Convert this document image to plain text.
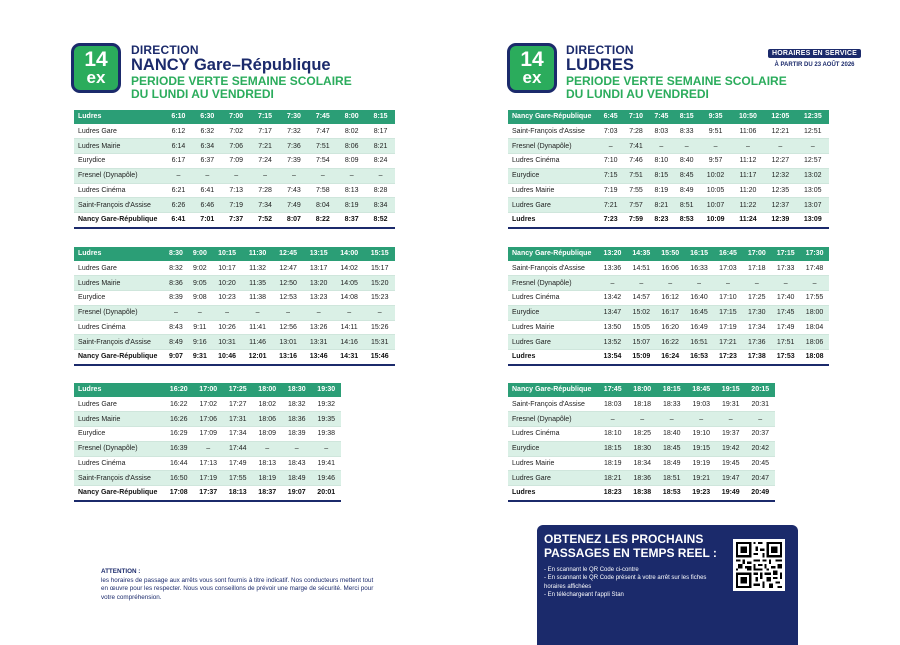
14
ex
DIRECTION
NANCY Gare–République
PERIODE VERTE SEMAINE SCOLAIRE
DU LUNDI AU VENDREDI
Ludres	6:10	6:30	7:00	7:15	7:30	7:45	8:00	8:15
Ludres Gare	6:12	6:32	7:02	7:17	7:32	7:47	8:02	8:17
Ludres Mairie	6:14	6:34	7:06	7:21	7:36	7:51	8:06	8:21
Eurydice	6:17	6:37	7:09	7:24	7:39	7:54	8:09	8:24
Fresnel (Dynapôle)	–	–	–	–	–	–	–	–
Ludres Cinéma	6:21	6:41	7:13	7:28	7:43	7:58	8:13	8:28
Saint-François d'Assise	6:26	6:46	7:19	7:34	7:49	8:04	8:19	8:34
Nancy Gare-République	6:41	7:01	7:37	7:52	8:07	8:22	8:37	8:52
Ludres	8:30	9:00	10:15	11:30	12:45	13:15	14:00	15:15
Ludres Gare	8:32	9:02	10:17	11:32	12:47	13:17	14:02	15:17
Ludres Mairie	8:36	9:05	10:20	11:35	12:50	13:20	14:05	15:20
Eurydice	8:39	9:08	10:23	11:38	12:53	13:23	14:08	15:23
Fresnel (Dynapôle)	–	–	–	–	–	–	–	–
Ludres Cinéma	8:43	9:11	10:26	11:41	12:56	13:26	14:11	15:26
Saint-François d'Assise	8:49	9:16	10:31	11:46	13:01	13:31	14:16	15:31
Nancy Gare-République	9:07	9:31	10:46	12:01	13:16	13:46	14:31	15:46
Ludres	16:20	17:00	17:25	18:00	18:30	19:30
Ludres Gare	16:22	17:02	17:27	18:02	18:32	19:32
Ludres Mairie	16:26	17:06	17:31	18:06	18:36	19:35
Eurydice	16:29	17:09	17:34	18:09	18:39	19:38
Fresnel (Dynapôle)	16:39	–	17:44	–	–	–
Ludres Cinéma	16:44	17:13	17:49	18:13	18:43	19:41
Saint-François d'Assise	16:50	17:19	17:55	18:19	18:49	19:46
Nancy Gare-République	17:08	17:37	18:13	18:37	19:07	20:01
ATTENTION :
les horaires de passage aux arrêts vous sont fournis à titre indicatif. Nos conducteurs mettent tout en œuvre pour les respecter. Nous vous conseillons de prévoir une marge de sécurité. Merci pour votre compréhension.
14
ex
DIRECTION
LUDRES
PERIODE VERTE SEMAINE SCOLAIRE
DU LUNDI AU VENDREDI
HORAIRES EN SERVICE
À PARTIR DU 23 AOÛT 2026
Nancy Gare-République	6:45	7:10	7:45	8:15	9:35	10:50	12:05	12:35
Saint-François d'Assise	7:03	7:28	8:03	8:33	9:51	11:06	12:21	12:51
Fresnel (Dynapôle)	–	7:41	–	–	–	–	–	–
Ludres Cinéma	7:10	7:46	8:10	8:40	9:57	11:12	12:27	12:57
Eurydice	7:15	7:51	8:15	8:45	10:02	11:17	12:32	13:02
Ludres Mairie	7:19	7:55	8:19	8:49	10:05	11:20	12:35	13:05
Ludres Gare	7:21	7:57	8:21	8:51	10:07	11:22	12:37	13:07
Ludres	7:23	7:59	8:23	8:53	10:09	11:24	12:39	13:09
Nancy Gare-République	13:20	14:35	15:50	16:15	16:45	17:00	17:15	17:30
Saint-François d'Assise	13:36	14:51	16:06	16:33	17:03	17:18	17:33	17:48
Fresnel (Dynapôle)	–	–	–	–	–	–	–	–
Ludres Cinéma	13:42	14:57	16:12	16:40	17:10	17:25	17:40	17:55
Eurydice	13:47	15:02	16:17	16:45	17:15	17:30	17:45	18:00
Ludres Mairie	13:50	15:05	16:20	16:49	17:19	17:34	17:49	18:04
Ludres Gare	13:52	15:07	16:22	16:51	17:21	17:36	17:51	18:06
Ludres	13:54	15:09	16:24	16:53	17:23	17:38	17:53	18:08
Nancy Gare-République	17:45	18:00	18:15	18:45	19:15	20:15
Saint-François d'Assise	18:03	18:18	18:33	19:03	19:31	20:31
Fresnel (Dynapôle)	–	–	–	–	–	–
Ludres Cinéma	18:10	18:25	18:40	19:10	19:37	20:37
Eurydice	18:15	18:30	18:45	19:15	19:42	20:42
Ludres Mairie	18:19	18:34	18:49	19:19	19:45	20:45
Ludres Gare	18:21	18:36	18:51	19:21	19:47	20:47
Ludres	18:23	18:38	18:53	19:23	19:49	20:49
OBTENEZ LES PROCHAINS PASSAGES EN TEMPS REEL :
- En scannant le QR Code ci-contre
- En scannant le QR Code présent à votre arrêt sur les fiches horaires affichées
- En téléchargeant l'appli Stan
